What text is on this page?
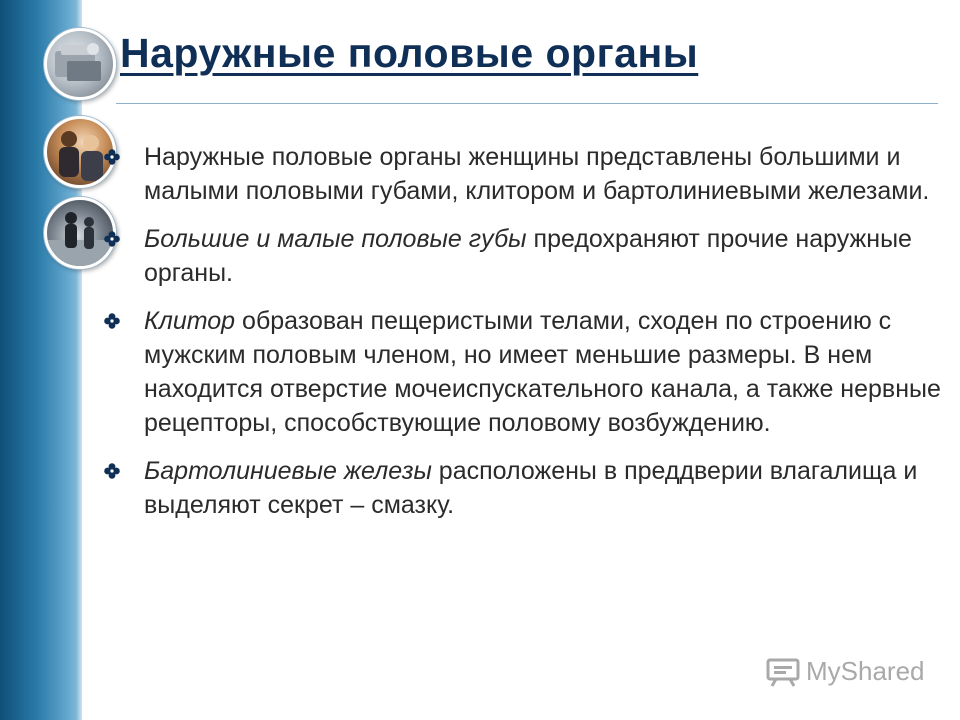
Наружные половые органы
Наружные половые органы женщины представлены большими и малыми половыми губами, клитором и бартолиниевыми железами.
Большие и малые половые губы предохраняют прочие наружные органы.
Клитор образован пещеристыми телами, сходен по строению с мужским половым членом, но имеет меньшие размеры. В нем находится отверстие мочеиспускательного канала, а также нервные рецепторы, способствующие половому возбуждению.
Бартолиниевые железы расположены в преддверии влагалища и выделяют секрет – смазку.
MyShared
